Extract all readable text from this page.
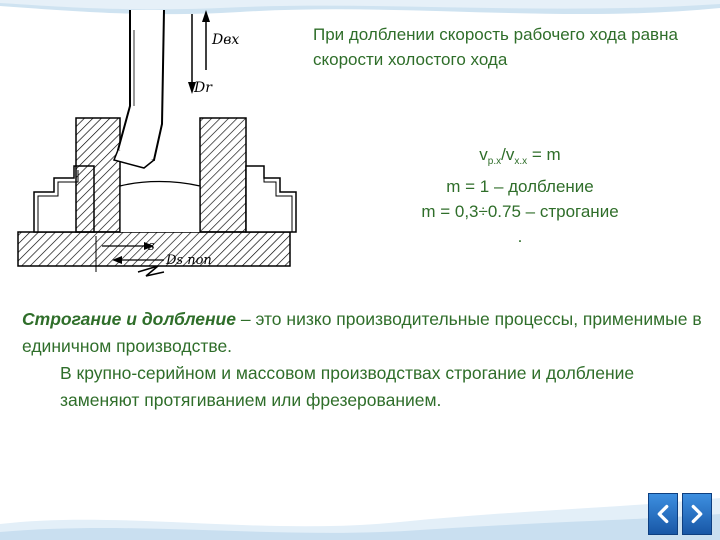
Dвх
Dr
s
Ds поп
При долблении скорость рабочего хода равна скорости холостого хода
$v_{р.х}/v_{х.х} = m$
m = 1 – долбление
m = 0,3÷0.75 – строгание
.

Строгание и долбление – это низко производительные процессы, применимые в единичном производстве.

В крупно-серийном и массовом производствах строгание и долбление заменяют протягиванием или фрезерованием.
